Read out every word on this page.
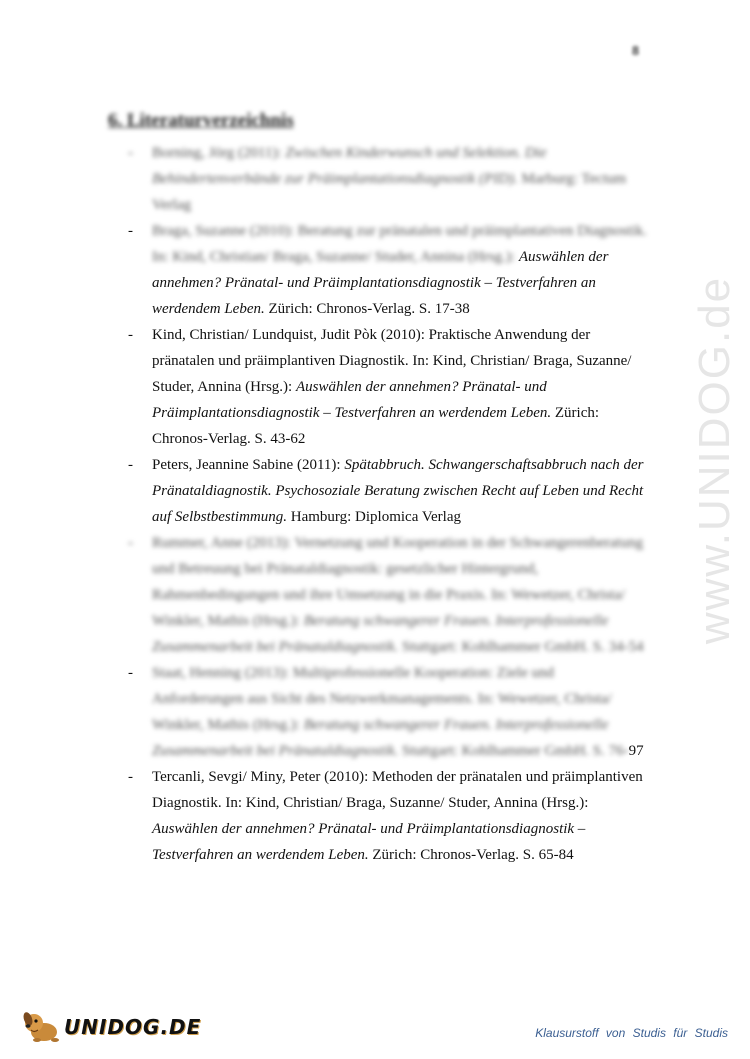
8
6. Literaturverzeichnis
- Borning, Jörg (2011): Zwischen Kinderwunsch und Selektion. Die Behindertenverbände zur Präimplantationsdiagnostik (PID). Marburg: Tectum Verlag
- Braga, Suzanne (2010): Beratung zur pränatalen und präimplantativen Diagnostik. In: Kind, Christian/ Braga, Suzanne/ Studer, Annina (Hrsg.): Auswählen der annehmen? Pränatal- und Präimplantationsdiagnostik – Testverfahren an werdendem Leben. Zürich: Chronos-Verlag. S. 17-38
- Kind, Christian/ Lundquist, Judit Pòk (2010): Praktische Anwendung der pränatalen und präimplantiven Diagnostik. In: Kind, Christian/ Braga, Suzanne/ Studer, Annina (Hrsg.): Auswählen der annehmen? Pränatal- und Präimplantationsdiagnostik – Testverfahren an werdendem Leben. Zürich: Chronos-Verlag. S. 43-62
- Peters, Jeannine Sabine (2011): Spätabbruch. Schwangerschaftsabbruch nach der Pränataldiagnostik. Psychosoziale Beratung zwischen Recht auf Leben und Recht auf Selbstbestimmung. Hamburg: Diplomica Verlag
- Rummer, Anne (2013): Vernetzung und Kooperation in der Schwangerenberatung und Betreuung bei Pränataldiagnostik: gesetzlicher Hintergrund, Rahmenbedingungen und ihre Umsetzung in die Praxis. In: Wewetzer, Christa/ Winkler, Mathis (Hrsg.): Beratung schwangerer Frauen. Interprofessionelle Zusammenarbeit bei Pränataldiagnostik. Stuttgart: Kohlhammer GmbH. S. 34-54
- Staat, Henning (2013): Multiprofessionelle Kooperation: Ziele und Anforderungen aus Sicht des Netzwerkmanagements. In: Wewetzer, Christa/ Winkler, Mathis (Hrsg.): Beratung schwangerer Frauen. Interprofessionelle Zusammenarbeit bei Pränataldiagnostik. Stuttgart: Kohlhammer GmbH. S. 76-97
- Tercanli, Sevgi/ Miny, Peter (2010): Methoden der pränatalen und präimplantiven Diagnostik. In: Kind, Christian/ Braga, Suzanne/ Studer, Annina (Hrsg.): Auswählen der annehmen? Pränatal- und Präimplantationsdiagnostik – Testverfahren an werdendem Leben. Zürich: Chronos-Verlag. S. 65-84
www.UNIDOG.de
UNIDOG.DE	Klausurstoff von Studis für Studis
